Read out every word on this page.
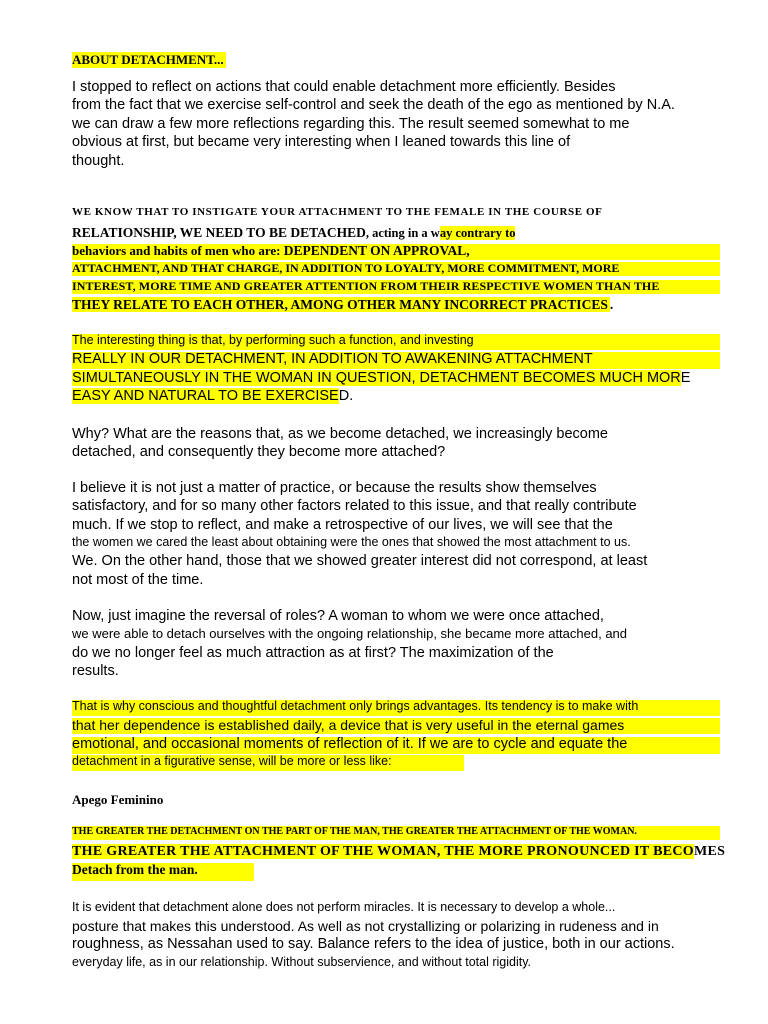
ABOUT DETACHMENT...
I stopped to reflect on actions that could enable detachment more efficiently. Besides
from the fact that we exercise self-control and seek the death of the ego as mentioned by N.A.
we can draw a few more reflections regarding this. The result seemed somewhat to me
obvious at first, but became very interesting when I leaned towards this line of
thought.
WE KNOW THAT TO INSTIGATE YOUR ATTACHMENT TO THE FEMALE IN THE COURSE OF
RELATIONSHIP, WE NEED TO BE DETACHED, acting in a way contrary to
behaviors and habits of men who are: DEPENDENT ON APPROVAL,
ATTACHMENT, AND THAT CHARGE, IN ADDITION TO LOYALTY, MORE COMMITMENT, MORE
INTEREST, MORE TIME AND GREATER ATTENTION FROM THEIR RESPECTIVE WOMEN THAN THE
THEY RELATE TO EACH OTHER, AMONG OTHER MANY INCORRECT PRACTICES .
The interesting thing is that, by performing such a function, and investing
REALLY IN OUR DETACHMENT, IN ADDITION TO AWAKENING ATTACHMENT
SIMULTANEOUSLY IN THE WOMAN IN QUESTION, DETACHMENT BECOMES MUCH MORE
EASY AND NATURAL TO BE EXERCISED.
Why? What are the reasons that, as we become detached, we increasingly become
detached, and consequently they become more attached?
I believe it is not just a matter of practice, or because the results show themselves
satisfactory, and for so many other factors related to this issue, and that really contribute
much. If we stop to reflect, and make a retrospective of our lives, we will see that the
the women we cared the least about obtaining were the ones that showed the most attachment to us.
We. On the other hand, those that we showed greater interest did not correspond, at least
not most of the time.
Now, just imagine the reversal of roles? A woman to whom we were once attached,
we were able to detach ourselves with the ongoing relationship, she became more attached, and
do we no longer feel as much attraction as at first? The maximization of the
results.
That is why conscious and thoughtful detachment only brings advantages. Its tendency is to make with
that her dependence is established daily, a device that is very useful in the eternal games
emotional, and occasional moments of reflection of it. If we are to cycle and equate the
detachment in a figurative sense, will be more or less like:
Apego Feminino
THE GREATER THE DETACHMENT ON THE PART OF THE MAN, THE GREATER THE ATTACHMENT OF THE WOMAN.
THE GREATER THE ATTACHMENT OF THE WOMAN, THE MORE PRONOUNCED IT BECOMES
Detach from the man.
It is evident that detachment alone does not perform miracles. It is necessary to develop a whole...
posture that makes this understood. As well as not crystallizing or polarizing in rudeness and in
roughness, as Nessahan used to say. Balance refers to the idea of justice, both in our actions.
everyday life, as in our relationship. Without subservience, and without total rigidity.
